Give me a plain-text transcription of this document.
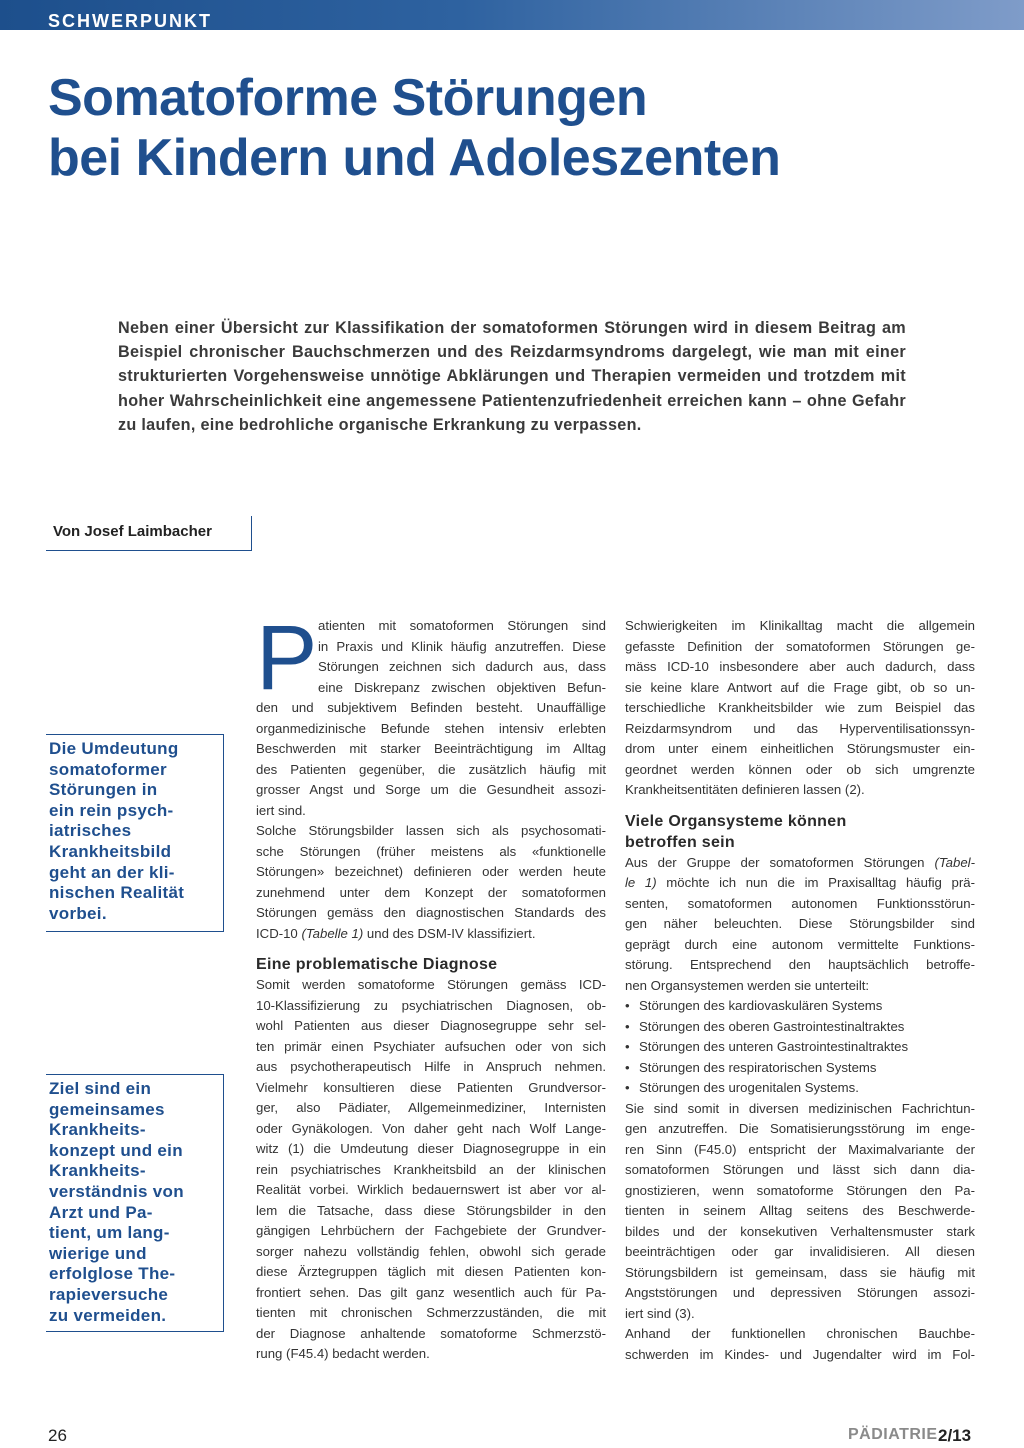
SCHWERPUNKT
Somatoforme Störungen
bei Kindern und Adoleszenten

Neben einer Übersicht zur Klassifikation der somatoformen Störungen wird in diesem Beitrag am Beispiel chronischer Bauchschmerzen und des Reizdarmsyndroms dargelegt, wie man mit einer strukturierten Vorgehensweise unnötige Abklärungen und Therapien vermeiden und trotzdem mit hoher Wahrscheinlichkeit eine angemessene Patientenzufriedenheit erreichen kann – ohne Gefahr zu laufen, eine bedrohliche organische Erkrankung zu verpassen.

Von Josef Laimbacher
Die Umdeutung
somatoformer
Störungen in
ein rein psych-
iatrisches
Krankheitsbild
geht an der kli-
nischen Realität
vorbei.
Ziel sind ein
gemeinsames
Krankheits-
konzept und ein
Krankheits-
verständnis von
Arzt und Pa-
tient, um lang-
wierige und
erfolglose The-
rapieversuche
zu vermeiden.
P atienten mit somatoformen Störungen sind
in Praxis und Klinik häufig anzutreffen. Diese
Störungen zeichnen sich dadurch aus, dass
eine Diskrepanz zwischen objektiven Befun-
den und subjektivem Befinden besteht. Unauffällige
organmedizinische Befunde stehen intensiv erlebten
Beschwerden mit starker Beeinträchtigung im Alltag
des Patienten gegenüber, die zusätzlich häufig mit
grosser Angst und Sorge um die Gesundheit assozi-
iert sind.
Solche Störungsbilder lassen sich als psychosomati-
sche Störungen (früher meistens als «funktionelle
Störungen» bezeichnet) definieren oder werden heute
zunehmend unter dem Konzept der somatoformen
Störungen gemäss den diagnostischen Standards des
ICD-10 (Tabelle 1) und des DSM-IV klassifiziert.
Eine problematische Diagnose
Somit werden somatoforme Störungen gemäss ICD-
10-Klassifizierung zu psychiatrischen Diagnosen, ob-
wohl Patienten aus dieser Diagnosegruppe sehr sel-
ten primär einen Psychiater aufsuchen oder von sich
aus psychotherapeutisch Hilfe in Anspruch nehmen.
Vielmehr konsultieren diese Patienten Grundversor-
ger, also Pädiater, Allgemeinmediziner, Internisten
oder Gynäkologen. Von daher geht nach Wolf Lange-
witz (1) die Umdeutung dieser Diagnosegruppe in ein
rein psychiatrisches Krankheitsbild an der klinischen
Realität vorbei. Wirklich bedauernswert ist aber vor al-
lem die Tatsache, dass diese Störungsbilder in den
gängigen Lehrbüchern der Fachgebiete der Grundver-
sorger nahezu vollständig fehlen, obwohl sich gerade
diese Ärztegruppen täglich mit diesen Patienten kon-
frontiert sehen. Das gilt ganz wesentlich auch für Pa-
tienten mit chronischen Schmerzzuständen, die mit
der Diagnose anhaltende somatoforme Schmerzstö-
rung (F45.4) bedacht werden.
Schwierigkeiten im Klinikalltag macht die allgemein
gefasste Definition der somatoformen Störungen ge-
mäss ICD-10 insbesondere aber auch dadurch, dass
sie keine klare Antwort auf die Frage gibt, ob so un-
terschiedliche Krankheitsbilder wie zum Beispiel das
Reizdarmsyndrom und das Hyperventilisationssyn-
drom unter einem einheitlichen Störungsmuster ein-
geordnet werden können oder ob sich umgrenzte
Krankheitsentitäten definieren lassen (2).
Viele Organsysteme können
betroffen sein
Aus der Gruppe der somatoformen Störungen (Tabel-
le 1) möchte ich nun die im Praxisalltag häufig prä-
senten, somatoformen autonomen Funktionsstörun-
gen näher beleuchten. Diese Störungsbilder sind
geprägt durch eine autonom vermittelte Funktions-
störung. Entsprechend den hauptsächlich betroffe-
nen Organsystemen werden sie unterteilt:
• Störungen des kardiovaskulären Systems
• Störungen des oberen Gastrointestinaltraktes
• Störungen des unteren Gastrointestinaltraktes
• Störungen des respiratorischen Systems
• Störungen des urogenitalen Systems.
Sie sind somit in diversen medizinischen Fachrichtun-
gen anzutreffen. Die Somatisierungsstörung im enge-
ren Sinn (F45.0) entspricht der Maximalvariante der
somatoformen Störungen und lässt sich dann dia-
gnostizieren, wenn somatoforme Störungen den Pa-
tienten in seinem Alltag seitens des Beschwerde-
bildes und der konsekutiven Verhaltensmuster stark
beeinträchtigen oder gar invalidisieren. All diesen
Störungsbildern ist gemeinsam, dass sie häufig mit
Angststörungen und depressiven Störungen assozi-
iert sind (3).
Anhand der funktionellen chronischen Bauchbe-
schwerden im Kindes- und Jugendalter wird im Fol-
26	PÄDIATRIE 2/13
